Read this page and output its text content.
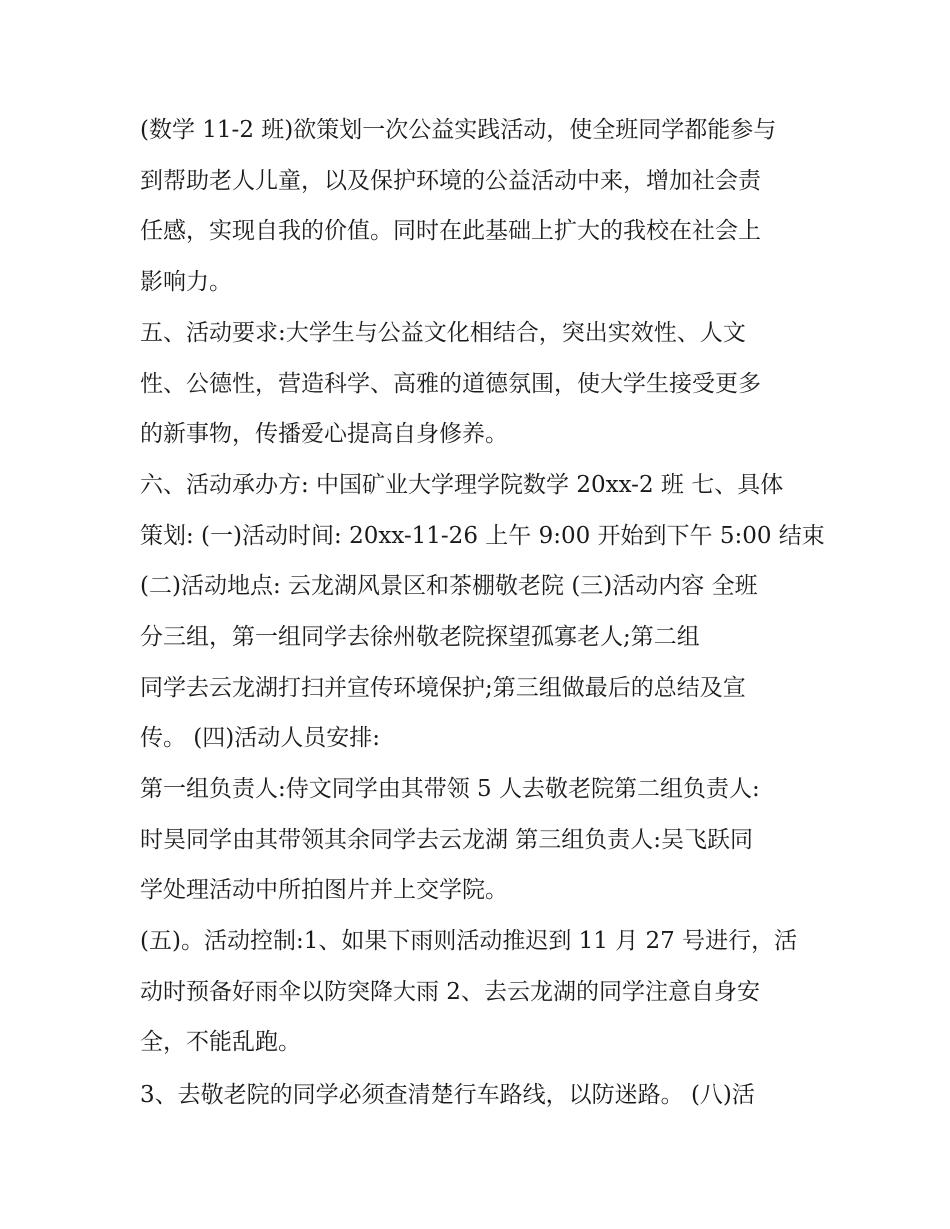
(数学 11-2 班)欲策划一次公益实践活动，使全班同学都能参与
到帮助老人儿童，以及保护环境的公益活动中来，增加社会责
任感，实现自我的价值。同时在此基础上扩大的我校在社会上
影响力。
五、活动要求:大学生与公益文化相结合，突出实效性、人文
性、公德性，营造科学、高雅的道德氛围，使大学生接受更多
的新事物，传播爱心提高自身修养。
六、活动承办方: 中国矿业大学理学院数学 20xx-2 班 七、具体
策划: (一)活动时间: 20xx-11-26 上午 9:00 开始到下午 5:00 结束
(二)活动地点: 云龙湖风景区和茶棚敬老院 (三)活动内容 全班
分三组，第一组同学去徐州敬老院探望孤寡老人;第二组
同学去云龙湖打扫并宣传环境保护;第三组做最后的总结及宣
传。 (四)活动人员安排:
第一组负责人:侍文同学由其带领 5 人去敬老院第二组负责人:
时昊同学由其带领其余同学去云龙湖 第三组负责人:吴飞跃同
学处理活动中所拍图片并上交学院。
(五)。活动控制:1、如果下雨则活动推迟到 11 月 27 号进行，活
动时预备好雨伞以防突降大雨 2、去云龙湖的同学注意自身安
全，不能乱跑。
3、去敬老院的同学必须查清楚行车路线，以防迷路。 (八)活
